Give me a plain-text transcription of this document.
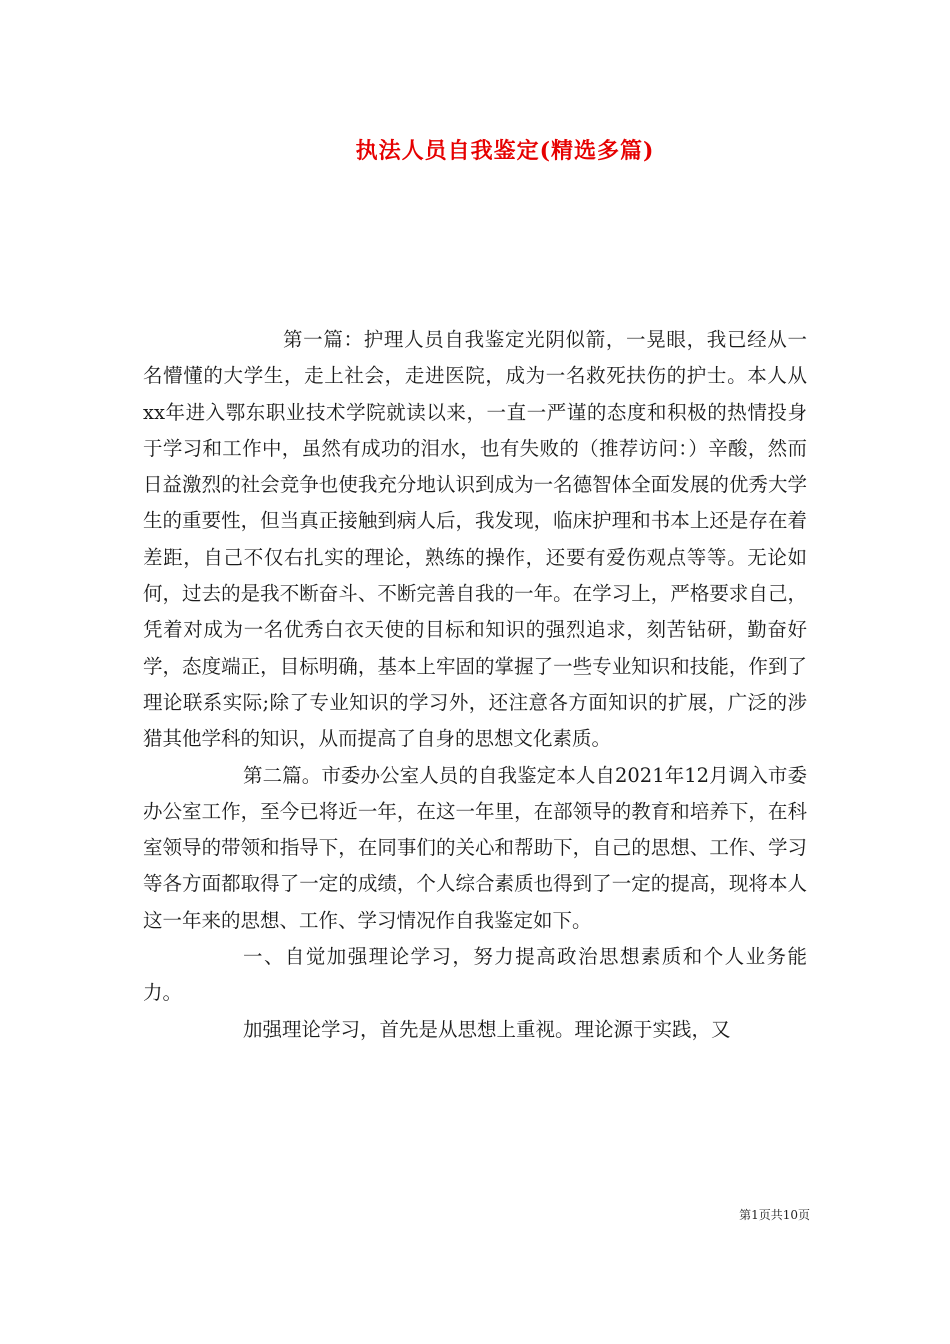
执法人员自我鉴定(精选多篇)

第一篇：护理人员自我鉴定光阴似箭，一晃眼，我已经从一名懵懂的大学生，走上社会，走进医院，成为一名救死扶伤的护士。本人从xx年进入鄂东职业技术学院就读以来，一直一严谨的态度和积极的热情投身于学习和工作中，虽然有成功的泪水，也有失败的（推荐访问：）辛酸，然而日益激烈的社会竞争也使我充分地认识到成为一名德智体全面发展的优秀大学生的重要性，但当真正接触到病人后，我发现，临床护理和书本上还是存在着差距，自己不仅右扎实的理论，熟练的操作，还要有爱伤观点等等。无论如何，过去的是我不断奋斗、不断完善自我的一年。在学习上，严格要求自己，凭着对成为一名优秀白衣天使的目标和知识的强烈追求，刻苦钻研，勤奋好学，态度端正，目标明确，基本上牢固的掌握了一些专业知识和技能，作到了理论联系实际;除了专业知识的学习外，还注意各方面知识的扩展，广泛的涉猎其他学科的知识，从而提高了自身的思想文化素质。

第二篇。市委办公室人员的自我鉴定本人自2021年12月调入市委办公室工作，至今已将近一年，在这一年里，在部领导的教育和培养下，在科室领导的带领和指导下，在同事们的关心和帮助下，自己的思想、工作、学习等各方面都取得了一定的成绩，个人综合素质也得到了一定的提高，现将本人这一年来的思想、工作、学习情况作自我鉴定如下。

一、自觉加强理论学习，努力提高政治思想素质和个人业务能力。

加强理论学习，首先是从思想上重视。理论源于实践，又

第1页共10页
